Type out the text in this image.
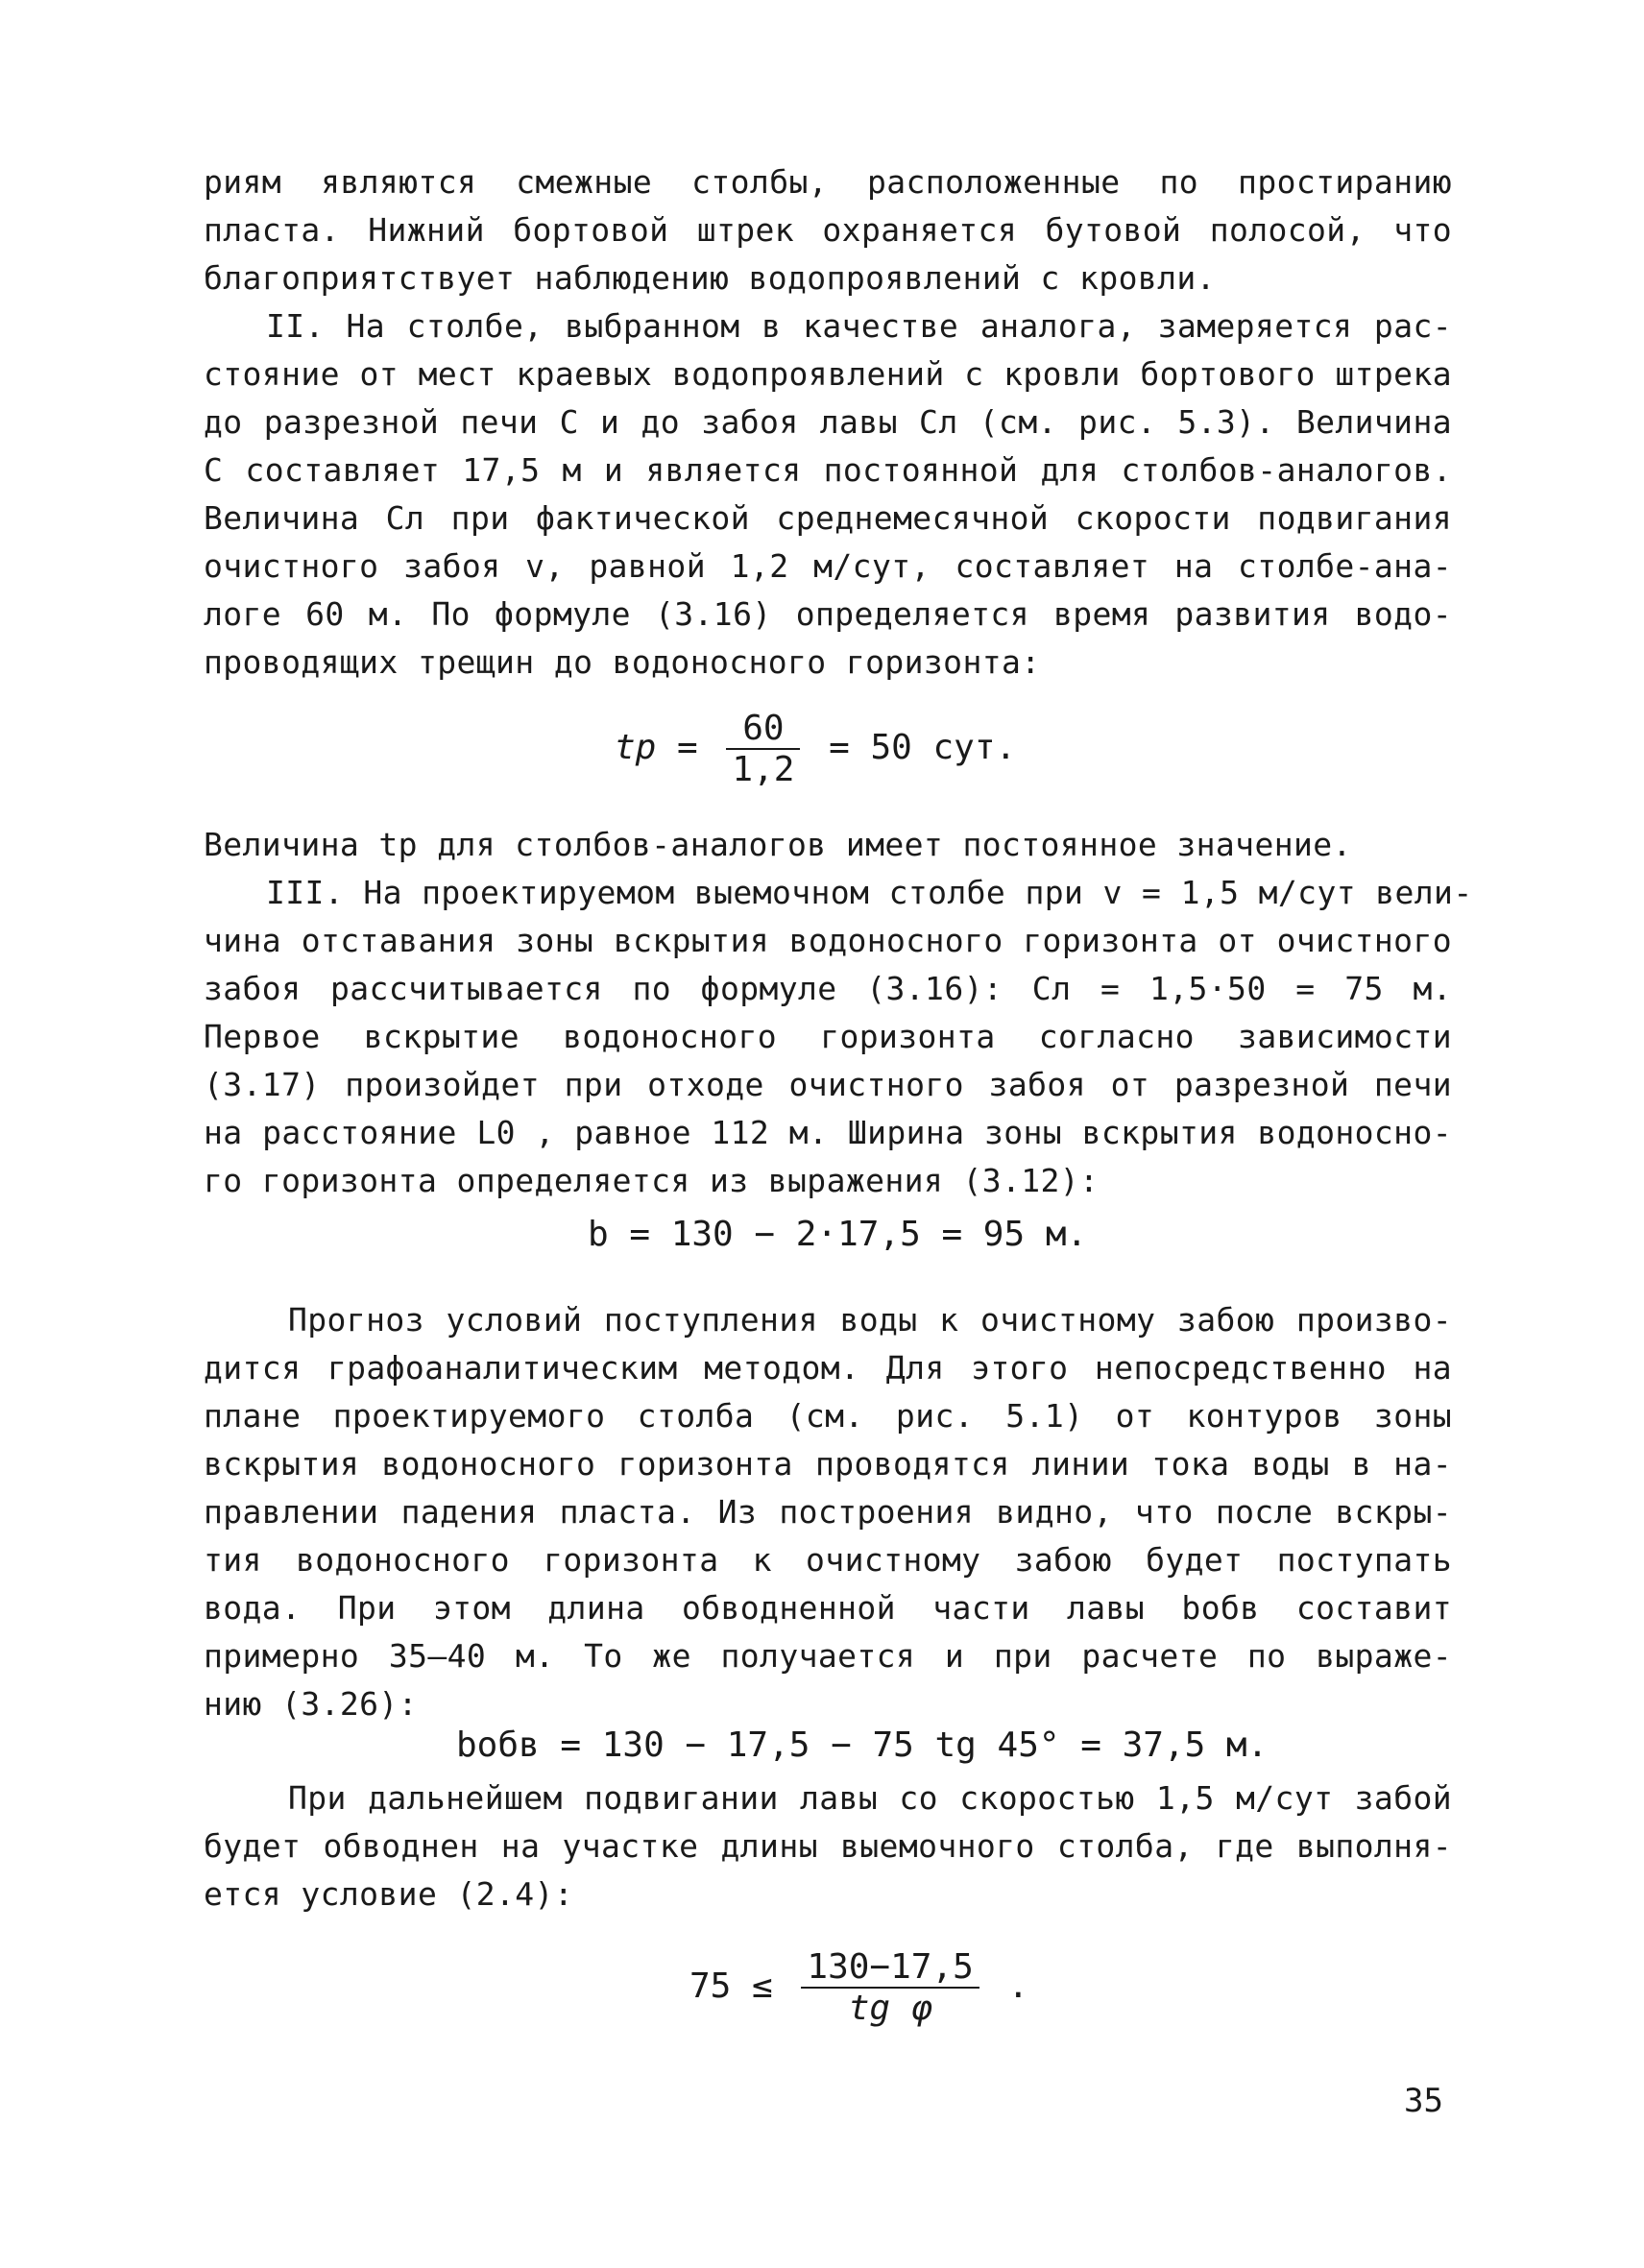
риям являются смежные столбы, расположенные по простиранию
пласта. Нижний бортовой штрек охраняется бутовой полосой, что
благоприятствует наблюдению водопроявлений с кровли.
II. На столбе, выбранном в качестве аналога, замеряется рас-
стояние от мест краевых водопроявлений с кровли бортового штрека
до разрезной печи C и до забоя лавы Cл (см. рис. 5.3). Величина
C составляет 17,5 м и является постоянной для столбов-аналогов.
Величина Cл при фактической среднемесячной скорости подвигания
очистного забоя v, равной 1,2 м/сут, составляет на столбе-ана-
логе 60 м. По формуле (3.16) определяется время развития водо-
проводящих трещин до водоносного горизонта:
tр = $\frac{60}{1,2} = 50$ сут.
Величина tр для столбов-аналогов имеет постоянное значение.
III. На проектируемом выемочном столбе при v = 1,5 м/сут вели-
чина отставания зоны вскрытия водоносного горизонта от очистного
забоя рассчитывается по формуле (3.16): Cл = 1,5·50 = 75 м.
Первое вскрытие водоносного горизонта согласно зависимости
(3.17) произойдет при отходе очистного забоя от разрезной печи
на расстояние L0 , равное 112 м. Ширина зоны вскрытия водоносно-
го горизонта определяется из выражения (3.12):
b = 130 − 2·17,5 = 95 м.
Прогноз условий поступления воды к очистному забою произво-
дится графоаналитическим методом. Для этого непосредственно на
плане проектируемого столба (см. рис. 5.1) от контуров зоны
вскрытия водоносного горизонта проводятся линии тока воды в на-
правлении падения пласта. Из построения видно, что после вскры-
тия водоносного горизонта к очистному забою будет поступать
вода. При этом длина обводненной части лавы bобв составит
примерно 35–40 м. То же получается и при расчете по выраже-
нию (3.26):
bобв = 130 − 17,5 − 75 tg 45° = 37,5 м.
При дальнейшем подвигании лавы со скоростью 1,5 м/сут забой
будет обводнен на участке длины выемочного столба, где выполня-
ется условие (2.4):
$75 \le \frac{130-17,5}{\text{tg φ}}$ .
35
